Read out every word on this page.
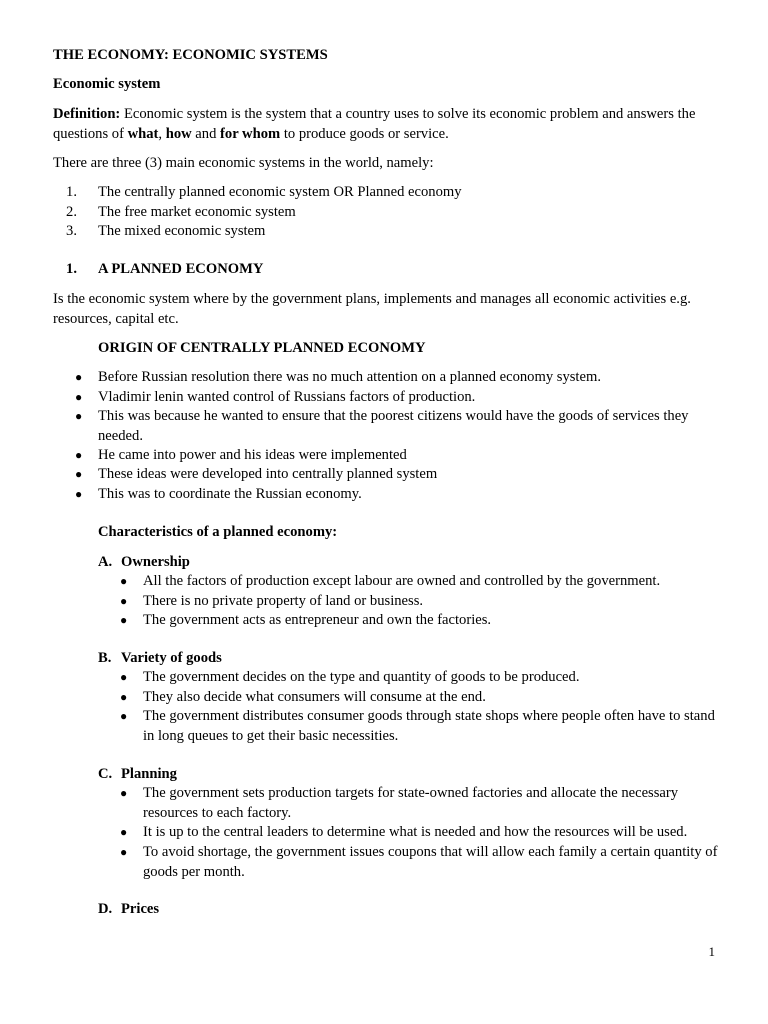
THE ECONOMY: ECONOMIC SYSTEMS
Economic system
Definition: Economic system is the system that a country uses to solve its economic problem and answers the questions of what, how and for whom to produce goods or service.
There are three (3) main economic systems in the world, namely:
1. The centrally planned economic system OR Planned economy
2. The free market economic system
3. The mixed economic system
1. A PLANNED ECONOMY
Is the economic system where by the government plans, implements and manages all economic activities e.g. resources, capital etc.
ORIGIN OF CENTRALLY PLANNED ECONOMY
● Before Russian resolution there was no much attention on a planned economy system.
● Vladimir lenin wanted control of Russians factors of production.
● This was because he wanted to ensure that the poorest citizens would have the goods of services they needed.
● He came into power and his ideas were implemented
● These ideas were developed into centrally planned system
● This was to coordinate the Russian economy.
Characteristics of a planned economy:
A. Ownership
● All the factors of production except labour are owned and controlled by the government.
● There is no private property of land or business.
● The government acts as entrepreneur and own the factories.
B. Variety of goods
● The government decides on the type and quantity of goods to be produced.
● They also decide what consumers will consume at the end.
● The government distributes consumer goods through state shops where people often have to stand in long queues to get their basic necessities.
C. Planning
● The government sets production targets for state-owned factories and allocate the necessary resources to each factory.
● It is up to the central leaders to determine what is needed and how the resources will be used.
● To avoid shortage, the government issues coupons that will allow each family a certain quantity of goods per month.
D. Prices
1
